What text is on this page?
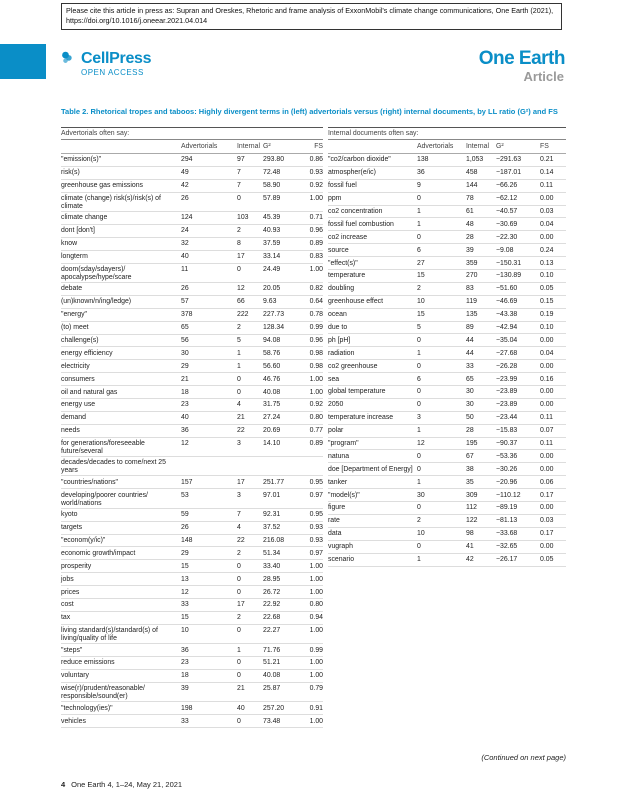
Please cite this article in press as: Supran and Oreskes, Rhetoric and frame analysis of ExxonMobil's climate change communications, One Earth (2021), https://doi.org/10.1016/j.oneear.2021.04.014
CellPress
OPEN ACCESS
One Earth
Article
Table 2. Rhetorical tropes and taboos: Highly divergent terms in (left) advertorials versus (right) internal documents, by LL ratio (G²) and FS
Advertorials often say:
Advertorials	Internal G²	FS
"emission(s)"	294	97	293.80	0.86
risk(s)	49	7	72.48	0.93
greenhouse gas emissions	42	7	58.90	0.92
climate (change) risk(s)/risk(s) of climate
26	0	57.89	1.00
climate change	124	103	45.39	0.71
dont [don't]	24	2	40.93	0.96
know	32	8	37.59	0.89
longterm	40	17	33.14	0.83
doom(sday/sdayers)/ apocalypse/hype/scare
11	0	24.49	1.00
debate	26	12	20.05	0.82
(un)known/n/ing/ledge)	57	66	9.63	0.64
"energy"	378	222	227.73	0.78
(to) meet	65	2	128.34	0.99
challenge(s)	56	5	94.08	0.96
energy efficiency	30	1	58.76	0.98
electricity	29	1	56.60	0.98
consumers	21	0	46.76	1.00
oil and natural gas	18	0	40.08	1.00
energy use	23	4	31.75	0.92
demand	40	21	27.24	0.80
needs	36	22	20.69	0.77
for generations/foreseeable future/several
12	3	14.10	0.89
decades/decades to come/next 25 years
"countries/nations"	157	17	251.77	0.95
developing/poorer countries/ world/nations
53	3	97.01	0.97
kyoto	59	7	92.31	0.95
targets	26	4	37.52	0.93
"econom(y/ic)"	148	22	216.08	0.93
economic growth/impact	29	2	51.34	0.97
prosperity	15	0	33.40	1.00
jobs	13	0	28.95	1.00
prices	12	0	26.72	1.00
cost	33	17	22.92	0.80
tax	15	2	22.68	0.94
living standard(s)/standard(s) of living/quality of life
10	0	22.27	1.00
"steps"	36	1	71.76	0.99
reduce emissions	23	0	51.21	1.00
voluntary	18	0	40.08	1.00
wise(r)/prudent/reasonable/ responsible/sound(er)
39	21	25.87	0.79
"technology(ies)"	198	40	257.20	0.91
vehicles	33	0	73.48	1.00
Internal documents often say:
Advertorials	Internal	G²	FS
"co2/carbon dioxide"	138	1,053	−291.63	0.21
atmospher(e/ic)	36	458	−187.01	0.14
fossil fuel	9	144	−66.26	0.11
ppm	0	78	−62.12	0.00
co2 concentration	1	61	−40.57	0.03
fossil fuel combustion	1	48	−30.69	0.04
co2 increase	0	28	−22.30	0.00
source	6	39	−9.08	0.24
"effect(s)"	27	359	−150.31	0.13
temperature	15	270	−130.89	0.10
doubling	2	83	−51.60	0.05
greenhouse effect	10	119	−46.69	0.15
ocean	15	135	−43.38	0.19
due to	5	89	−42.94	0.10
ph [pH]	0	44	−35.04	0.00
radiation	1	44	−27.68	0.04
co2 greenhouse	0	33	−26.28	0.00
sea	6	65	−23.99	0.16
global temperature	0	30	−23.89	0.00
2050	0	30	−23.89	0.00
temperature increase	3	50	−23.44	0.11
polar	1	28	−15.83	0.07
"program"	12	195	−90.37	0.11
natuna	0	67	−53.36	0.00
doe [Department of Energy] 0	38	−30.26	0.00
tanker	1	35	−20.96	0.06
"model(s)"	30	309	−110.12	0.17
figure	0	112	−89.19	0.00
rate	2	122	−81.13	0.03
data	10	98	−33.68	0.17
vugraph	0	41	−32.65	0.00
scenario	1	42	−26.17	0.05
(Continued on next page)
4 One Earth 4, 1–24, May 21, 2021
